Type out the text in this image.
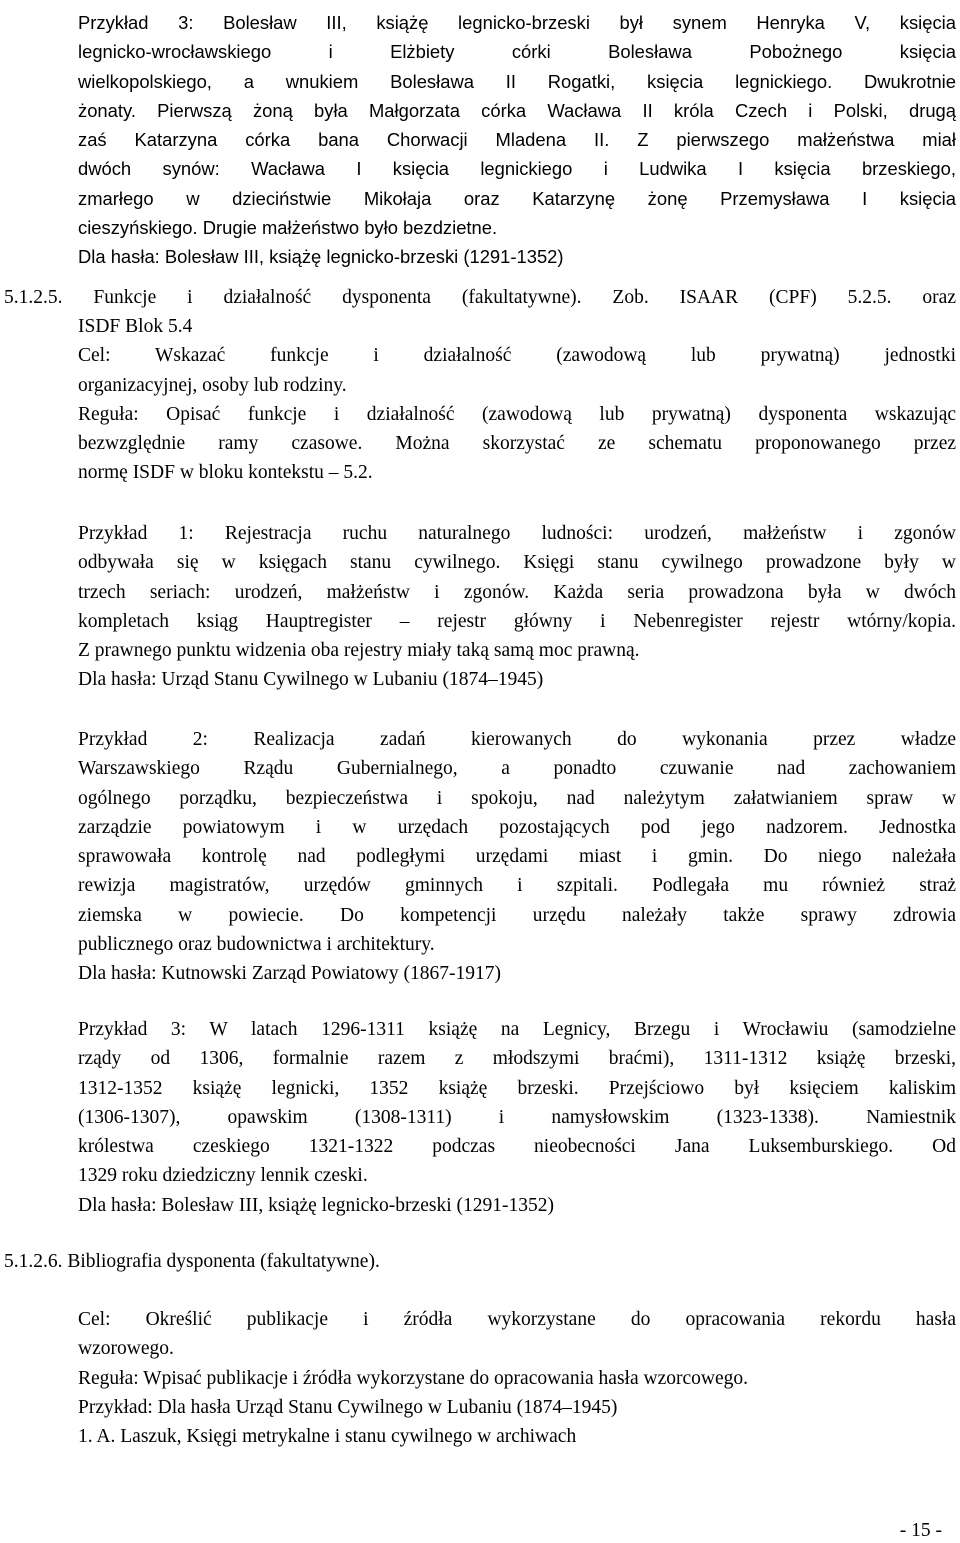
Przykład 3: Bolesław III, książę legnicko-brzeski był synem Henryka V, księcia
legnicko-wrocławskiego i Elżbiety córki Bolesława Pobożnego księcia
wielkopolskiego, a wnukiem Bolesława II Rogatki, księcia legnickiego. Dwukrotnie
żonaty. Pierwszą żoną była Małgorzata córka Wacława II króla Czech i Polski, drugą
zaś Katarzyna córka bana Chorwacji Mladena II. Z pierwszego małżeństwa miał
dwóch synów: Wacława I księcia legnickiego i Ludwika I księcia brzeskiego,
zmarłego w dzieciństwie Mikołaja oraz Katarzynę żonę Przemysława I księcia
cieszyńskiego. Drugie małżeństwo było bezdzietne.
Dla hasła: Bolesław III, książę legnicko-brzeski (1291-1352)
5.1.2.5. Funkcje i działalność dysponenta (fakultatywne). Zob. ISAAR (CPF) 5.2.5. oraz
ISDF Blok 5.4
Cel: Wskazać funkcje i działalność (zawodową lub prywatną) jednostki
organizacyjnej, osoby lub rodziny.
Reguła: Opisać funkcje i działalność (zawodową lub prywatną) dysponenta wskazując
bezwzględnie ramy czasowe. Można skorzystać ze schematu proponowanego przez
normę ISDF w bloku kontekstu – 5.2.
Przykład 1: Rejestracja ruchu naturalnego ludności: urodzeń, małżeństw i zgonów
odbywała się w księgach stanu cywilnego. Księgi stanu cywilnego prowadzone były w
trzech seriach: urodzeń, małżeństw i zgonów. Każda seria prowadzona była w dwóch
kompletach ksiąg Hauptregister – rejestr główny i Nebenregister rejestr wtórny/kopia.
Z prawnego punktu widzenia oba rejestry miały taką samą moc prawną.
Dla hasła: Urząd Stanu Cywilnego w Lubaniu (1874–1945)
Przykład 2: Realizacja zadań kierowanych do wykonania przez władze
Warszawskiego Rządu Gubernialnego, a ponadto czuwanie nad zachowaniem
ogólnego porządku, bezpieczeństwa i spokoju, nad należytym załatwianiem spraw w
zarządzie powiatowym i w urzędach pozostających pod jego nadzorem. Jednostka
sprawowała kontrolę nad podległymi urzędami miast i gmin. Do niego należała
rewizja magistratów, urzędów gminnych i szpitali. Podlegała mu również straż
ziemska w powiecie. Do kompetencji urzędu należały także sprawy zdrowia
publicznego oraz budownictwa i architektury.
Dla hasła: Kutnowski Zarząd Powiatowy (1867-1917)
Przykład 3: W latach 1296-1311 książę na Legnicy, Brzegu i Wrocławiu (samodzielne
rządy od 1306, formalnie razem z młodszymi braćmi), 1311-1312 książę brzeski,
1312-1352 książę legnicki, 1352 książę brzeski. Przejściowo był księciem kaliskim
(1306-1307), opawskim (1308-1311) i namysłowskim (1323-1338). Namiestnik
królestwa czeskiego 1321-1322 podczas nieobecności Jana Luksemburskiego. Od
1329 roku dziedziczny lennik czeski.
Dla hasła: Bolesław III, książę legnicko-brzeski (1291-1352)
5.1.2.6. Bibliografia dysponenta (fakultatywne).
Cel: Określić publikacje i źródła wykorzystane do opracowania rekordu hasła
wzorowego.
Reguła: Wpisać publikacje i źródła wykorzystane do opracowania hasła wzorcowego.
Przykład: Dla hasła Urząd Stanu Cywilnego w Lubaniu (1874–1945)
1. A. Laszuk, Księgi metrykalne i stanu cywilnego w archiwach
- 15 -
